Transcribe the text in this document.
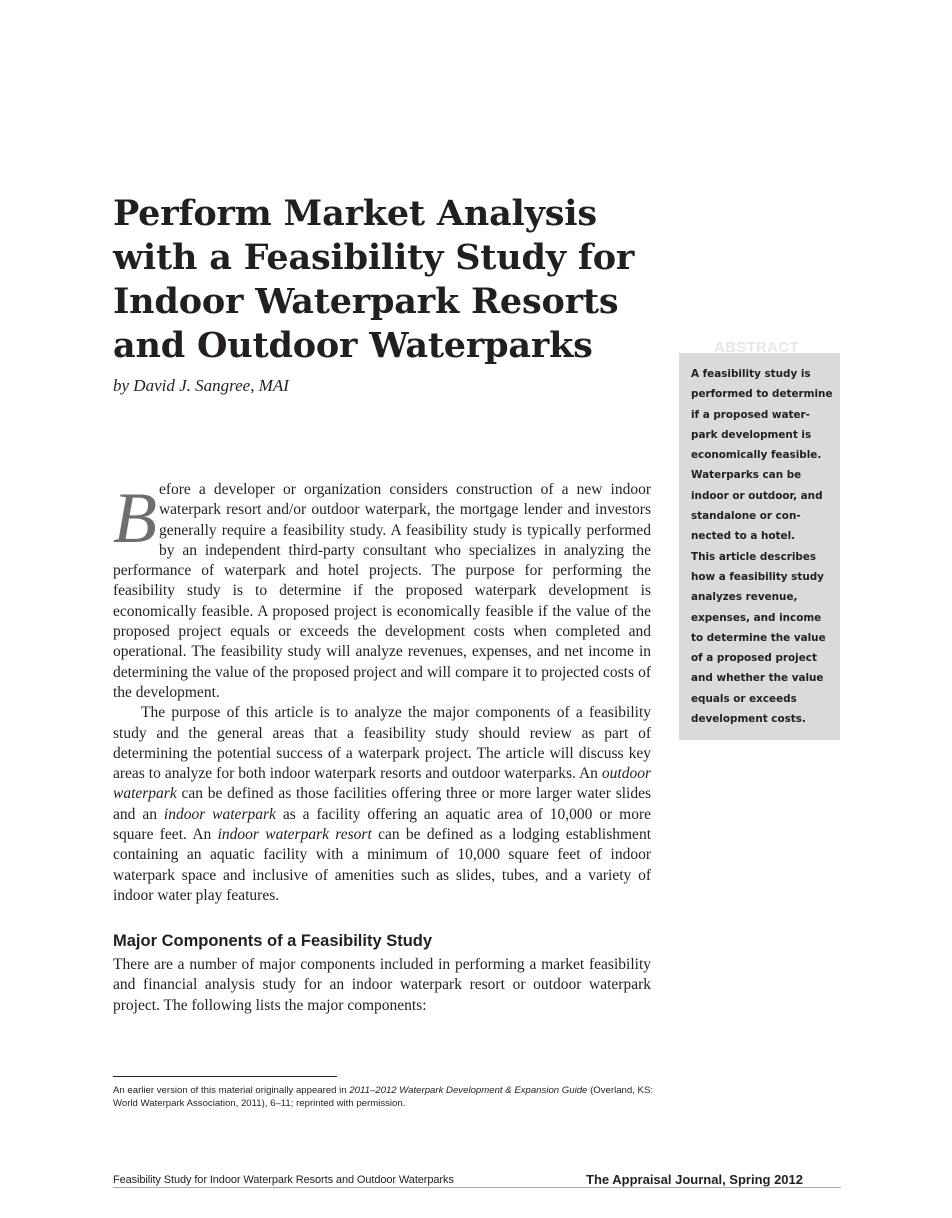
Perform Market Analysis
with a Feasibility Study for
Indoor Waterpark Resorts
and Outdoor Waterparks

by David J. Sangree, MAI

Before a developer or organization considers construction of a new indoor waterpark resort and/or outdoor waterpark, the mortgage lender and investors generally require a feasibility study. A feasibility study is typically performed by an independent third-party consultant who specializes in analyzing the performance of waterpark and hotel projects. The purpose for performing the feasibility study is to determine if the proposed waterpark development is economically feasible. A proposed project is economically feasible if the value of the proposed project equals or exceeds the development costs when completed and operational. The feasibility study will analyze revenues, expenses, and net income in determining the value of the proposed project and will compare it to projected costs of the development.

The purpose of this article is to analyze the major components of a feasibility study and the general areas that a feasibility study should review as part of determining the potential success of a waterpark project. The article will discuss key areas to analyze for both indoor waterpark resorts and outdoor waterparks. An outdoor waterpark can be defined as those facilities offering three or more larger water slides and an indoor waterpark as a facility offering an aquatic area of 10,000 or more square feet. An indoor waterpark resort can be defined as a lodging establishment containing an aquatic facility with a minimum of 10,000 square feet of indoor waterpark space and inclusive of amenities such as slides, tubes, and a variety of indoor water play features.

Major Components of a Feasibility Study

There are a number of major components included in performing a market feasibility and financial analysis study for an indoor waterpark resort or outdoor waterpark project. The following lists the major components:

An earlier version of this material originally appeared in 2011–2012 Waterpark Development & Expansion Guide (Overland, KS: World Waterpark Association, 2011), 6–11; reprinted with permission.
ABSTRACT

A feasibility study is
performed to determine
if a proposed water-
park development is
economically feasible.
Waterparks can be
indoor or outdoor, and
standalone or con-
nected to a hotel.
This article describes
how a feasibility study
analyzes revenue,
expenses, and income
to determine the value
of a proposed project
and whether the value
equals or exceeds
development costs.

Feasibility Study for Indoor Waterpark Resorts and Outdoor Waterparks	The Appraisal Journal, Spring 2012
